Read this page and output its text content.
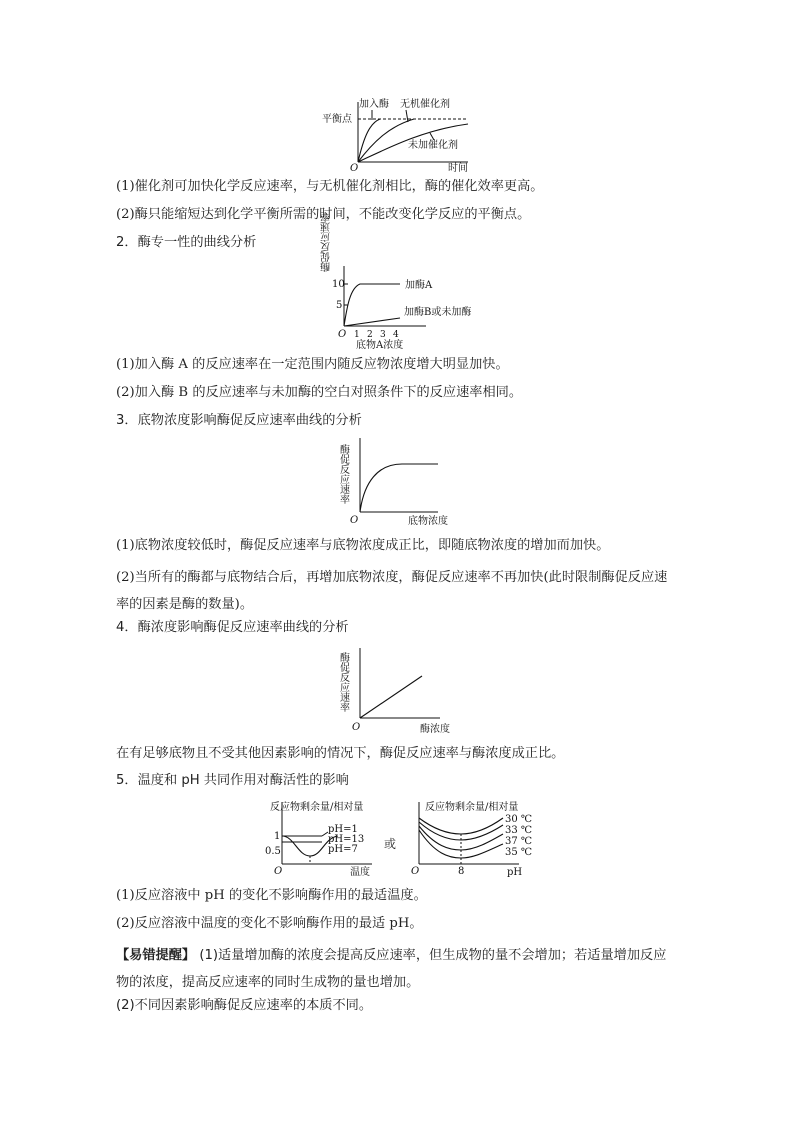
加入酶 无机催化剂
平衡点
未加催化剂
O	时间

(1)催化剂可加快化学反应速率，与无机催化剂相比，酶的催化效率更高。

(2)酶只能缩短达到化学平衡所需的时间，不能改变化学反应的平衡点。

2．酶专一性的曲线分析	酶促反应速率
10
5
O 1 2 3 4
加酶A
加酶B或未加酶
底物A浓度

(1)加入酶 A 的反应速率在一定范围内随反应物浓度增大明显加快。

(2)加入酶 B 的反应速率与未加酶的空白对照条件下的反应速率相同。

3．底物浓度影响酶促反应速率曲线的分析

酶促反应速率
O	底物浓度

(1)底物浓度较低时，酶促反应速率与底物浓度成正比，即随底物浓度的增加而加快。

(2)当所有的酶都与底物结合后，再增加底物浓度，酶促反应速率不再加快(此时限制酶促反应速率的因素是酶的数量)。

4．酶浓度影响酶促反应速率曲线的分析

酶促反应速率
O	酶浓度

在有足够底物且不受其他因素影响的情况下，酶促反应速率与酶浓度成正比。

5．温度和 pH 共同作用对酶活性的影响

反应物剩余量/相对量
1
0.5
O	温度
pH=1
pH=13
pH=7 或
反应物剩余量/相对量
O	8	pH
30 ℃
33 ℃
37 ℃
35 ℃

(1)反应溶液中 pH 的变化不影响酶作用的最适温度。

(2)反应溶液中温度的变化不影响酶作用的最适 pH。

【易错提醒】 (1)适量增加酶的浓度会提高反应速率，但生成物的量不会增加；若适量增加反应物的浓度，提高反应速率的同时生成物的量也增加。

(2)不同因素影响酶促反应速率的本质不同。
